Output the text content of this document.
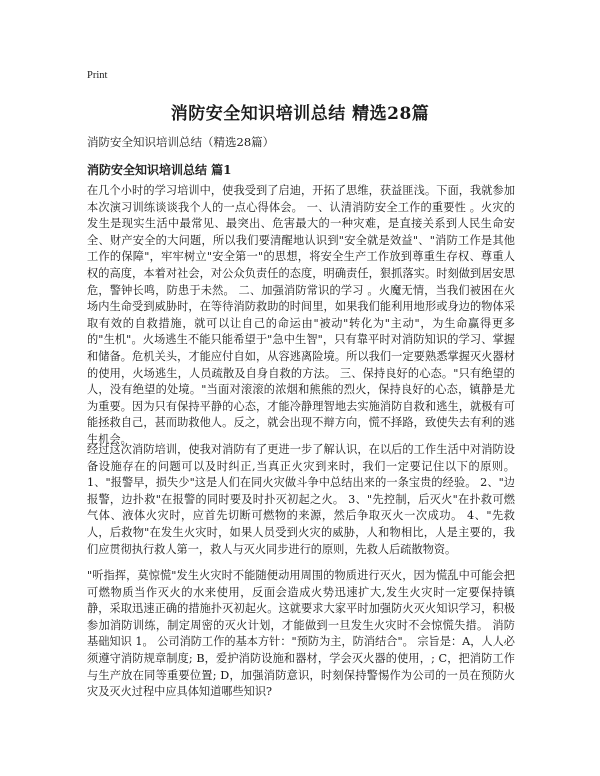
Print
消防安全知识培训总结 精选28篇
消防安全知识培训总结（精选28篇）
消防安全知识培训总结 篇1

在几个小时的学习培训中，使我受到了启迪，开拓了思维，获益匪浅。下面，我就参加本次演习训练谈谈我个人的一点心得体会。 一、认清消防安全工作的重要性 。火灾的发生是现实生活中最常见、最突出、危害最大的一种灾难，是直接关系到人民生命安全、财产安全的大问题，所以我们要清醒地认识到"安全就是效益"、"消防工作是其他工作的保障"，牢牢树立"安全第一"的思想，将安全生产工作放到尊重生存权、尊重人权的高度，本着对社会，对公众负责任的态度，明确责任，狠抓落实。时刻做到居安思危，警钟长鸣，防患于未然。 二、加强消防常识的学习 。火魔无情，当我们被困在火场内生命受到威胁时，在等待消防救助的时间里，如果我们能利用地形或身边的物体采取有效的自救措施，就可以让自己的命运由"被动"转化为"主动"，为生命赢得更多的"生机"。火场逃生不能只能希望于"急中生智"，只有靠平时对消防知识的学习、掌握和储备。危机关头，才能应付自如，从容逃离险境。所以我们一定要熟悉掌握灭火器材的使用，火场逃生，人员疏散及自身自救的方法。 三、保持良好的心态。"只有绝望的人，没有绝望的处境。"当面对滚滚的浓烟和熊熊的烈火，保持良好的心态，镇静是尤为重要。因为只有保持平静的心态，才能冷静理智地去实施消防自救和逃生，就极有可能拯救自己，甚而助救他人。反之，就会出现不辩方向，慌不择路，致使失去有利的逃生机会。

经过这次消防培训，使我对消防有了更进一步了解认识，在以后的工作生活中对消防设备设施存在的问题可以及时纠正,当真正火灾到来时，我们一定要记住以下的原则。 1、"报警早，损失少"这是人们在同火灾做斗争中总结出来的一条宝贵的经验。 2、"边报警，边扑救"在报警的同时要及时扑灭初起之火。 3、"先控制，后灭火"在扑救可燃气体、液体火灾时，应首先切断可燃物的来源，然后争取灭火一次成功。 4、"先救人，后救物"在发生火灾时，如果人员受到火灾的威胁，人和物相比，人是主要的，我们应贯彻执行救人第一，救人与灭火同步进行的原则，先救人后疏散物资。

"听指挥，莫惊慌"发生火灾时不能随便动用周围的物质进行灭火，因为慌乱中可能会把可燃物质当作灭火的水来使用，反面会造成火势迅速扩大,发生火灾时一定要保持镇静，采取迅速正确的措施扑灭初起火。这就要求大家平时加强防火灭火知识学习，积极参加消防训练，制定周密的灭火计划，才能做到一旦发生火灾时不会惊慌失措。 消防基础知识 1。 公司消防工作的基本方针："预防为主，防消结合"。 宗旨是：A，人人必须遵守消防规章制度; B，爱护消防设施和器材，学会灭火器的使用，; C，把消防工作与生产放在同等重要位置; D，加强消防意识，时刻保持警惕作为公司的一员在预防火灾及灭火过程中应具体知道哪些知识?
